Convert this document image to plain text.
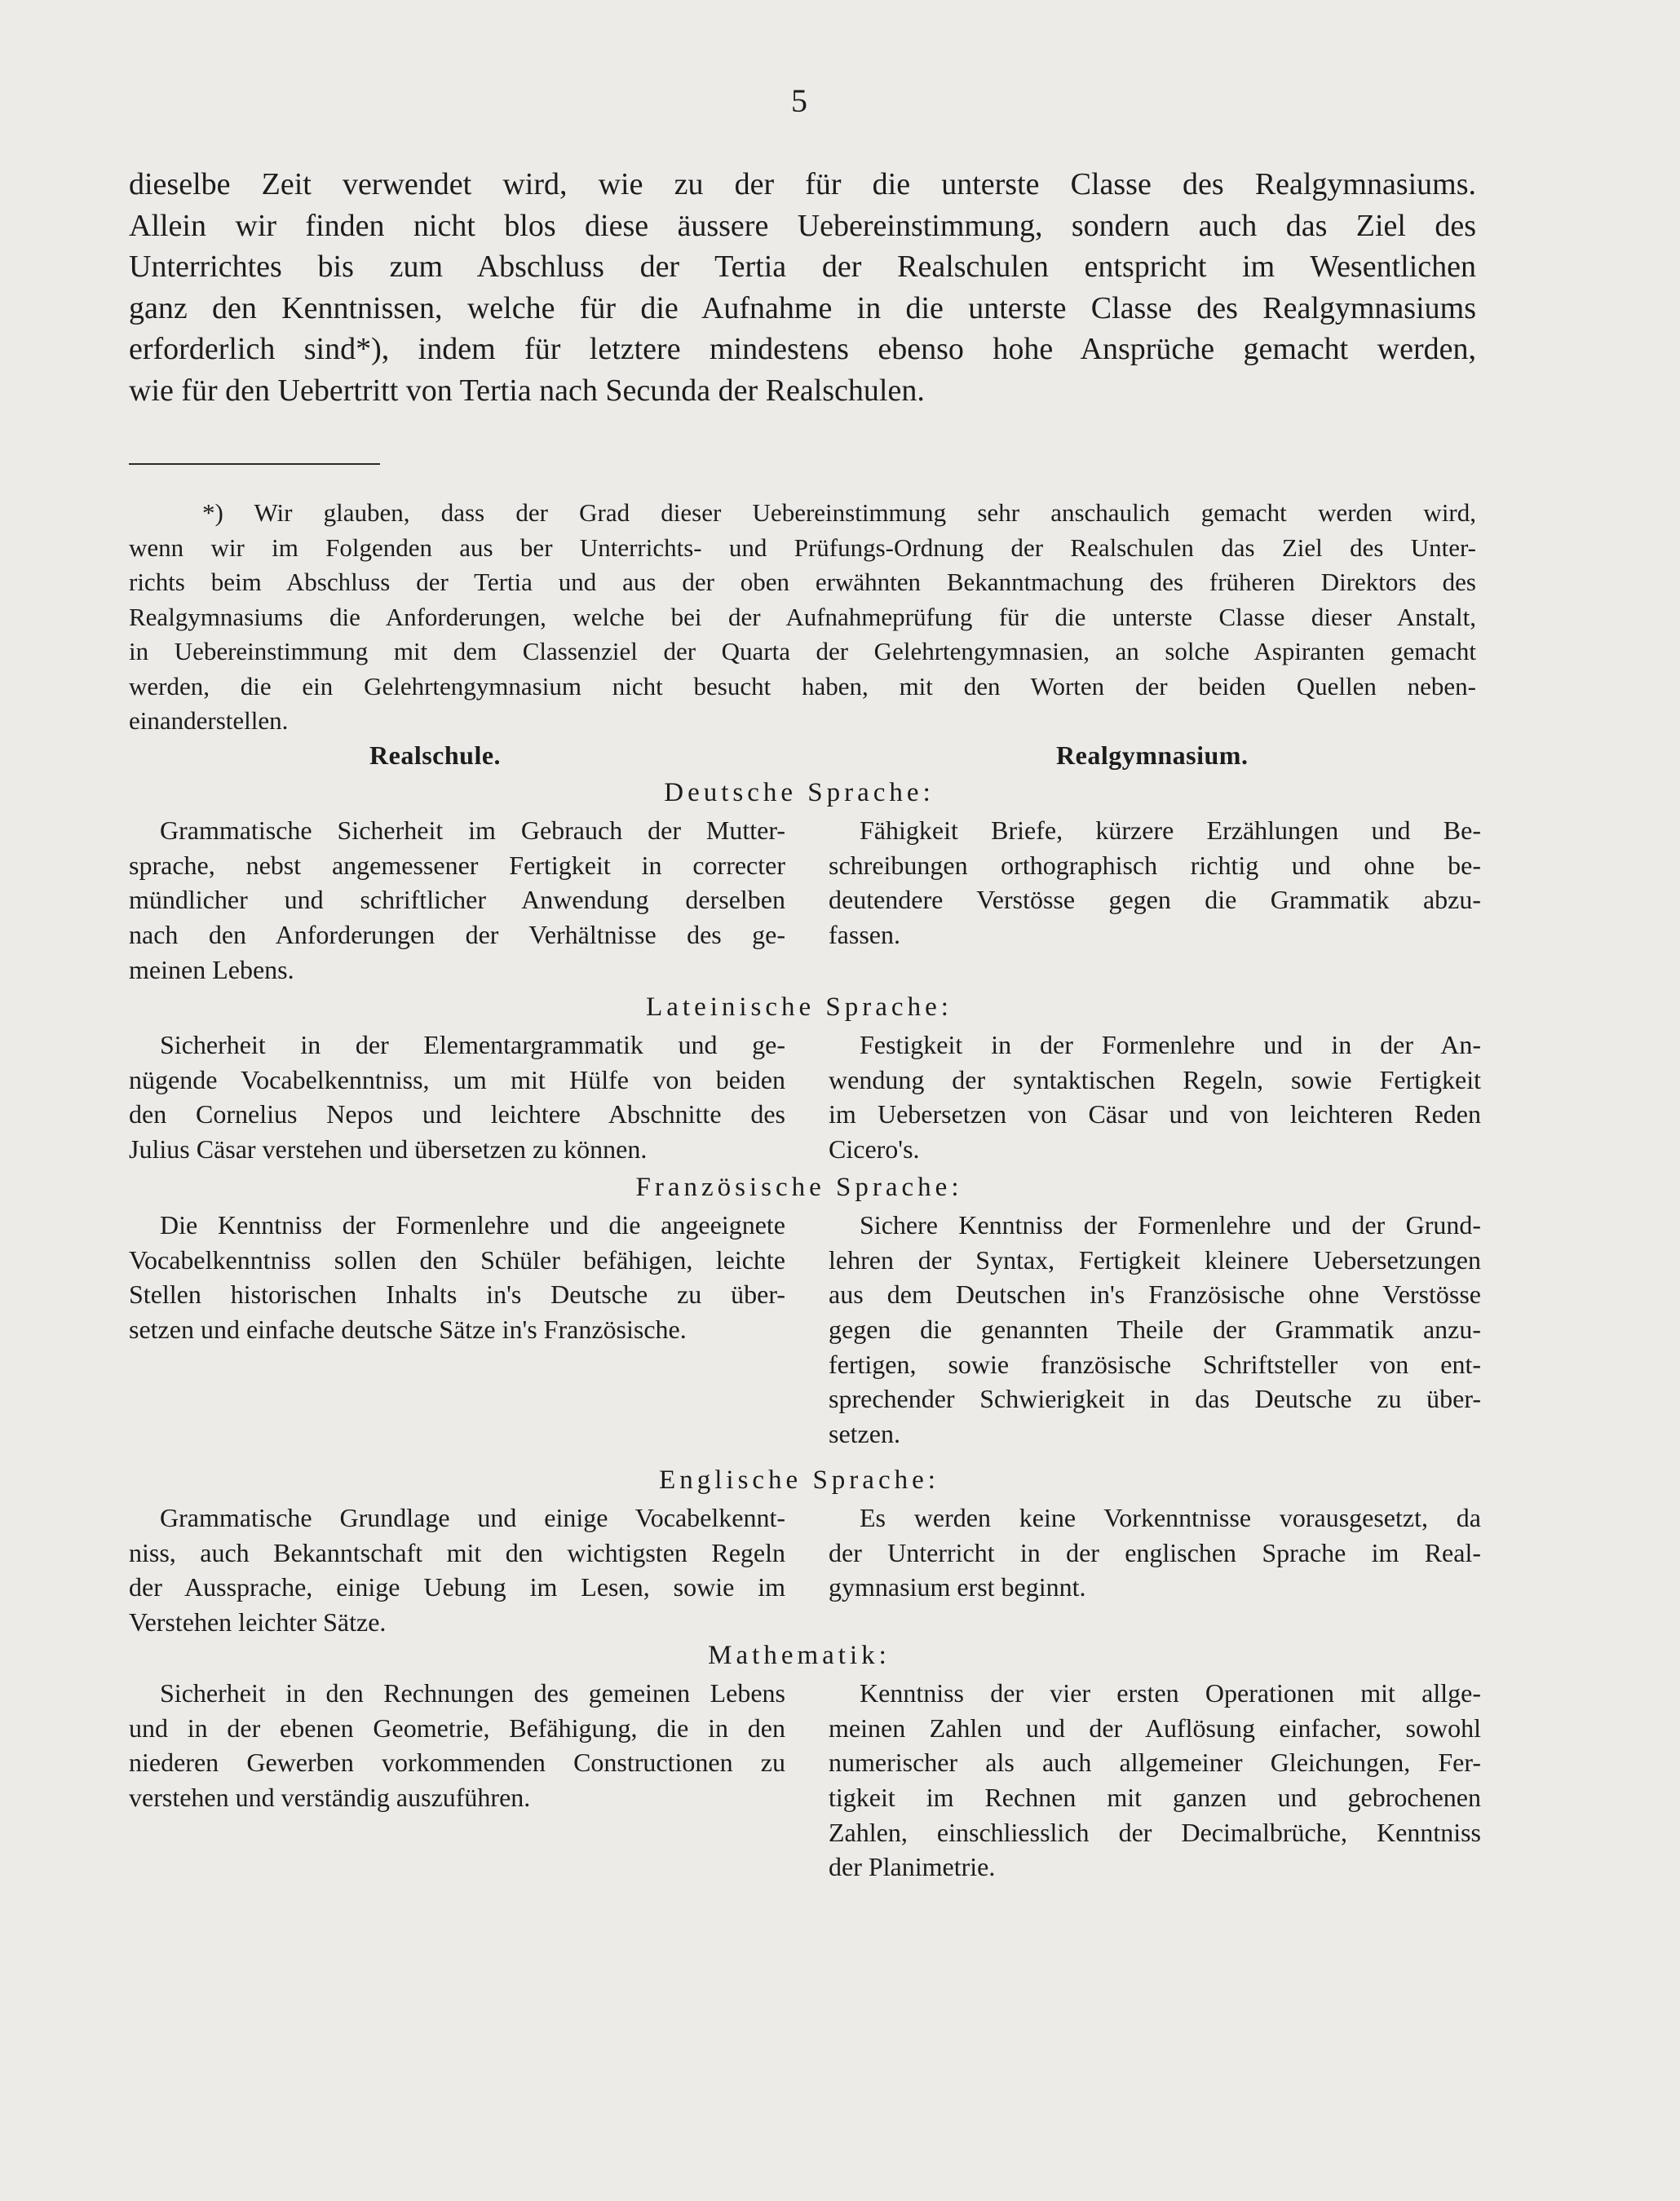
5
dieselbe Zeit verwendet wird, wie zu der für die unterste Classe des Realgymnasiums.
Allein wir finden nicht blos diese äussere Uebereinstimmung, sondern auch das Ziel des
Unterrichtes bis zum Abschluss der Tertia der Realschulen entspricht im Wesentlichen
ganz den Kenntnissen, welche für die Aufnahme in die unterste Classe des Realgymnasiums
erforderlich sind*), indem für letztere mindestens ebenso hohe Ansprüche gemacht werden,
wie für den Uebertritt von Tertia nach Secunda der Realschulen.
*) Wir glauben, dass der Grad dieser Uebereinstimmung sehr anschaulich gemacht werden wird,
wenn wir im Folgenden aus ber Unterrichts- und Prüfungs-Ordnung der Realschulen das Ziel des Unter-
richts beim Abschluss der Tertia und aus der oben erwähnten Bekanntmachung des früheren Direktors des
Realgymnasiums die Anforderungen, welche bei der Aufnahmeprüfung für die unterste Classe dieser Anstalt,
in Uebereinstimmung mit dem Classenziel der Quarta der Gelehrtengymnasien, an solche Aspiranten gemacht
werden, die ein Gelehrtengymnasium nicht besucht haben, mit den Worten der beiden Quellen neben-
einanderstellen.
Realschule.	Realgymnasium.
Deutsche Sprache:
Grammatische Sicherheit im Gebrauch der Mutter-
sprache, nebst angemessener Fertigkeit in correcter
mündlicher und schriftlicher Anwendung derselben
nach den Anforderungen der Verhältnisse des ge-
meinen Lebens.
Fähigkeit Briefe, kürzere Erzählungen und Be-
schreibungen orthographisch richtig und ohne be-
deutendere Verstösse gegen die Grammatik abzu-
fassen.
Lateinische Sprache:
Sicherheit in der Elementargrammatik und ge-
nügende Vocabelkenntniss, um mit Hülfe von beiden
den Cornelius Nepos und leichtere Abschnitte des
Julius Cäsar verstehen und übersetzen zu können.
Festigkeit in der Formenlehre und in der An-
wendung der syntaktischen Regeln, sowie Fertigkeit
im Uebersetzen von Cäsar und von leichteren Reden
Cicero's.
Französische Sprache:
Die Kenntniss der Formenlehre und die angeeignete
Vocabelkenntniss sollen den Schüler befähigen, leichte
Stellen historischen Inhalts in's Deutsche zu über-
setzen und einfache deutsche Sätze in's Französische.
Sichere Kenntniss der Formenlehre und der Grund-
lehren der Syntax, Fertigkeit kleinere Uebersetzungen
aus dem Deutschen in's Französische ohne Verstösse
gegen die genannten Theile der Grammatik anzu-
fertigen, sowie französische Schriftsteller von ent-
sprechender Schwierigkeit in das Deutsche zu über-
setzen.
Englische Sprache:
Grammatische Grundlage und einige Vocabelkennt-
niss, auch Bekanntschaft mit den wichtigsten Regeln
der Aussprache, einige Uebung im Lesen, sowie im
Verstehen leichter Sätze.
Es werden keine Vorkenntnisse vorausgesetzt, da
der Unterricht in der englischen Sprache im Real-
gymnasium erst beginnt.
Mathematik:
Sicherheit in den Rechnungen des gemeinen Lebens
und in der ebenen Geometrie, Befähigung, die in den
niederen Gewerben vorkommenden Constructionen zu
verstehen und verständig auszuführen.
Kenntniss der vier ersten Operationen mit allge-
meinen Zahlen und der Auflösung einfacher, sowohl
numerischer als auch allgemeiner Gleichungen, Fer-
tigkeit im Rechnen mit ganzen und gebrochenen
Zahlen, einschliesslich der Decimalbrüche, Kenntniss
der Planimetrie.
